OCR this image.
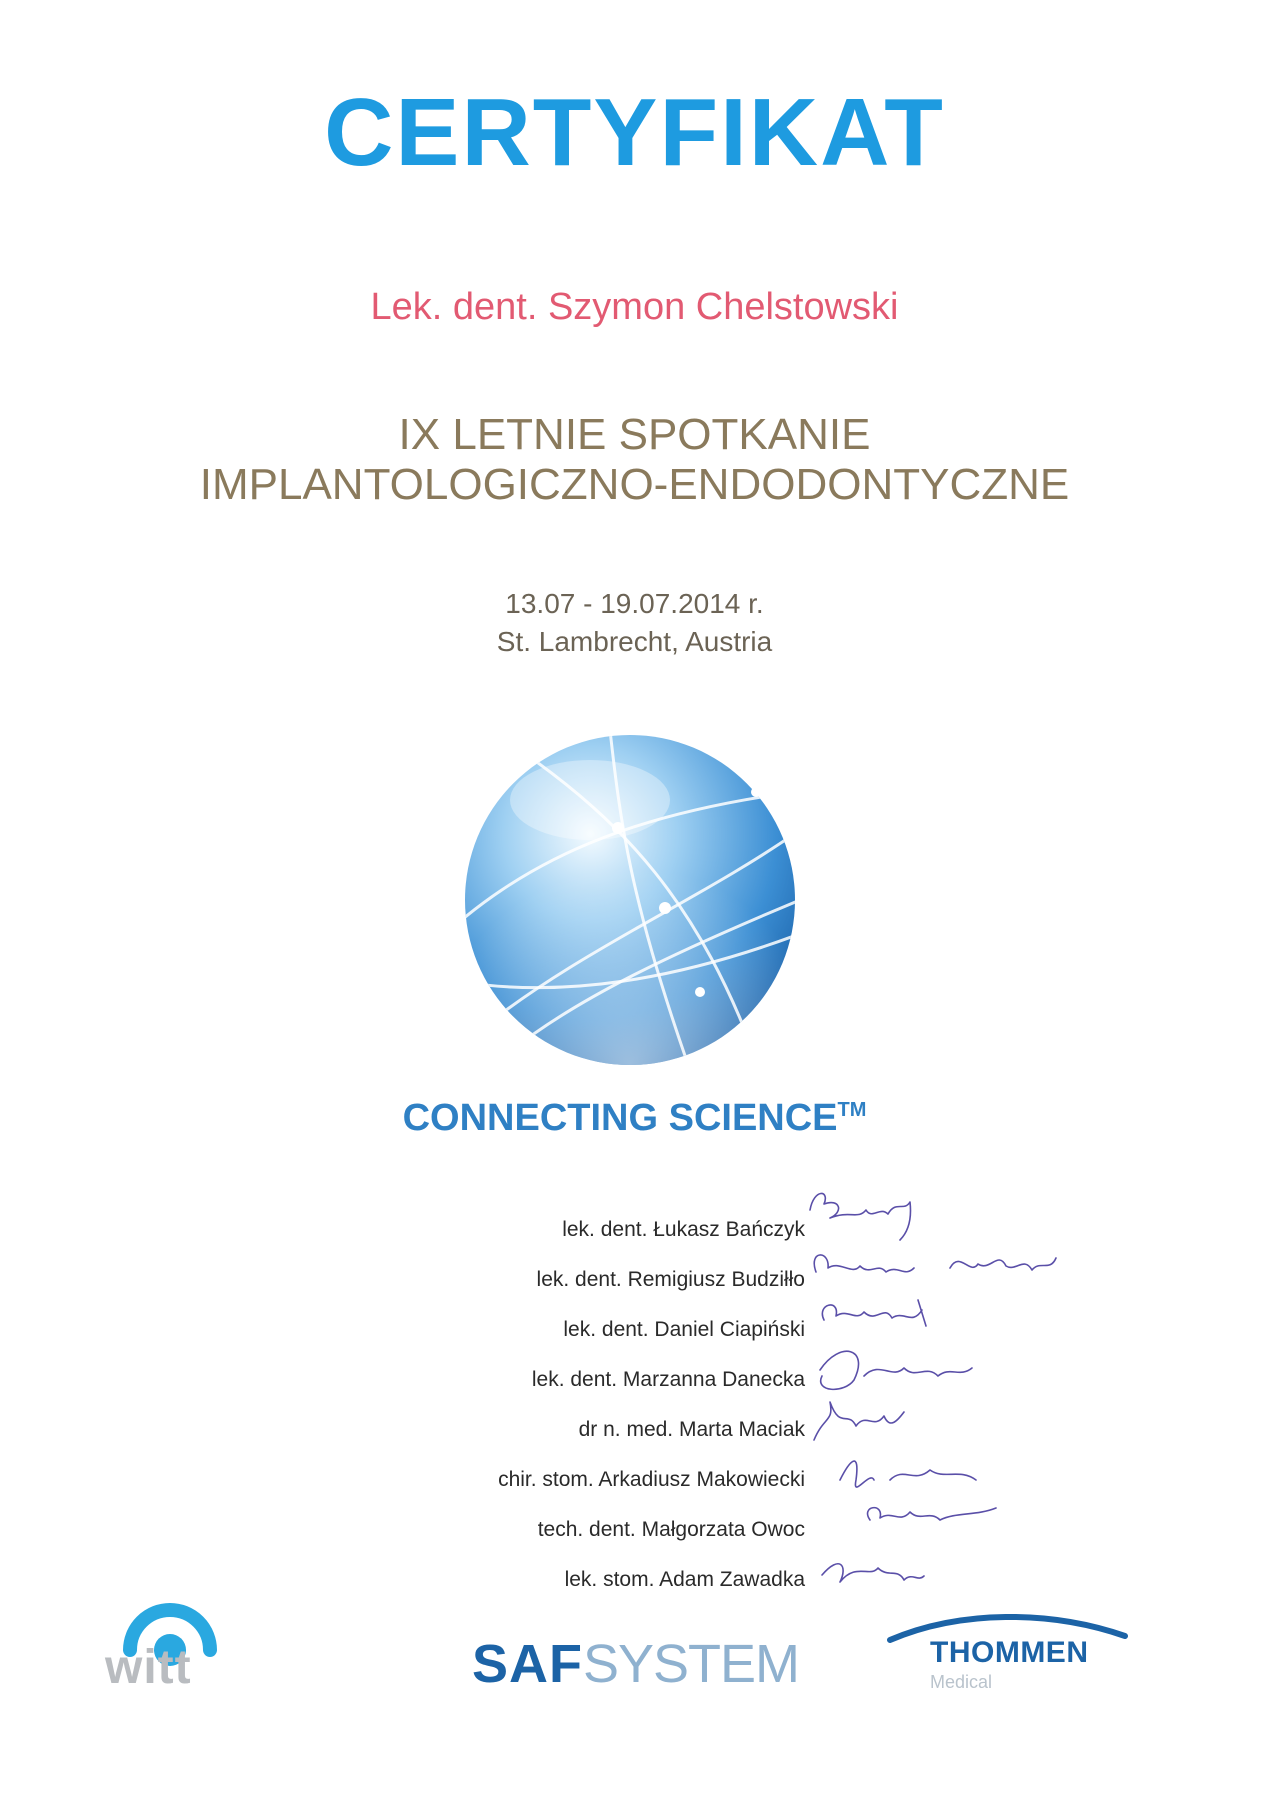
CERTYFIKAT
Lek. dent. Szymon Chelstowski
IX LETNIE SPOTKANIE
IMPLANTOLOGICZNO-ENDODONTYCZNE
13.07 - 19.07.2014 r.
St. Lambrecht, Austria
CONNECTING SCIENCE™
lek. dent. Łukasz Bańczyk
lek. dent. Remigiusz Budziłło
lek. dent. Daniel Ciapiński
lek. dent. Marzanna Danecka
dr n. med. Marta Maciak
chir. stom. Arkadiusz Makowiecki
tech. dent. Małgorzata Owoc
lek. stom. Adam Zawadka
witt	SAFSYSTEM	THOMMEN
Medical
